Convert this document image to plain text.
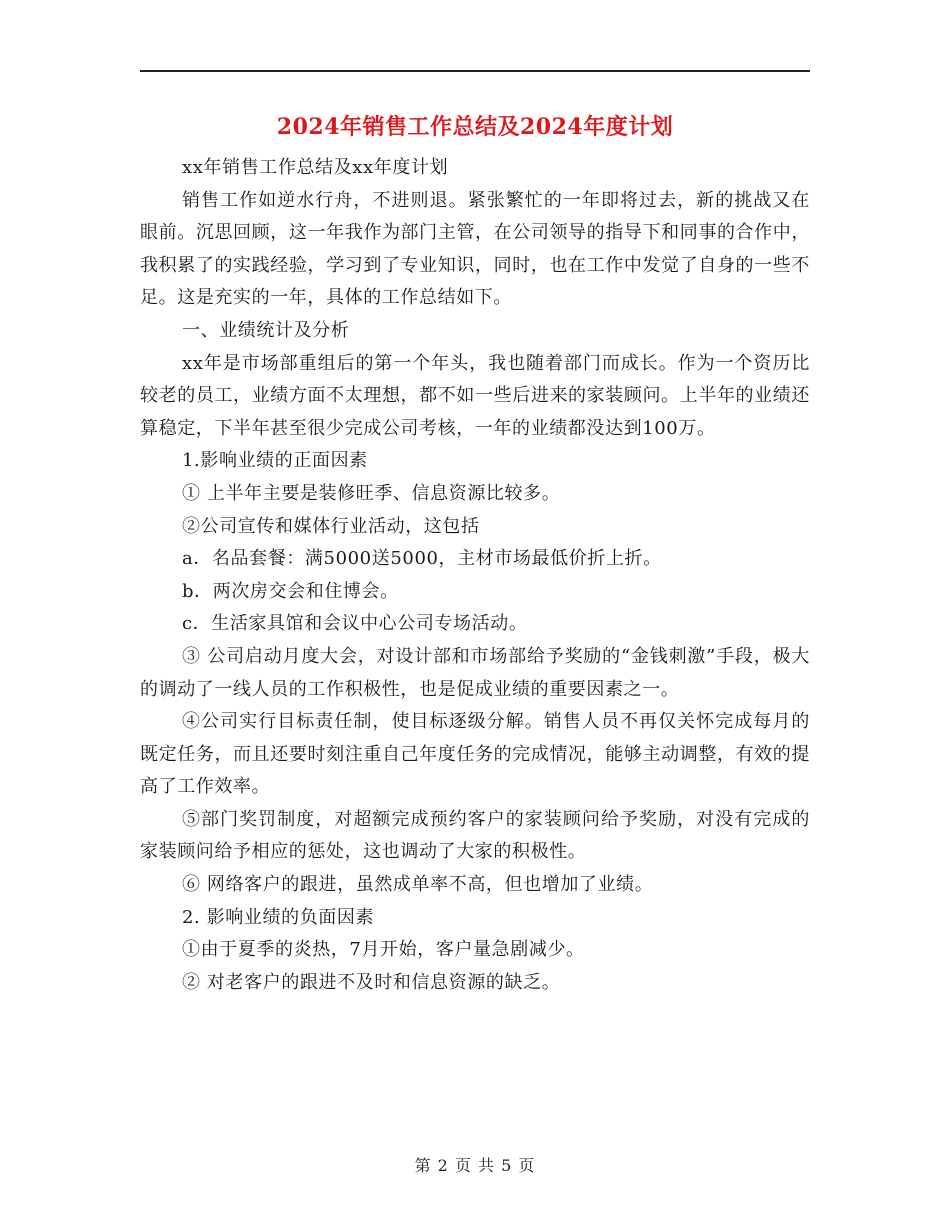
2024年销售工作总结及2024年度计划

xx年销售工作总结及xx年度计划

销售工作如逆水行舟，不进则退。紧张繁忙的一年即将过去，新的挑战又在眼前。沉思回顾，这一年我作为部门主管，在公司领导的指导下和同事的合作中，我积累了的实践经验，学习到了专业知识，同时，也在工作中发觉了自身的一些不足。这是充实的一年，具体的工作总结如下。

一、业绩统计及分析

xx年是市场部重组后的第一个年头，我也随着部门而成长。作为一个资历比较老的员工，业绩方面不太理想，都不如一些后进来的家装顾问。上半年的业绩还算稳定，下半年甚至很少完成公司考核，一年的业绩都没达到100万。

1.影响业绩的正面因素

① 上半年主要是装修旺季、信息资源比较多。

②公司宣传和媒体行业活动，这包括

a．名品套餐：满5000送5000，主材市场最低价折上折。

b．两次房交会和住博会。

c．生活家具馆和会议中心公司专场活动。

③ 公司启动月度大会，对设计部和市场部给予奖励的“金钱刺激”手段，极大的调动了一线人员的工作积极性，也是促成业绩的重要因素之一。

④公司实行目标责任制，使目标逐级分解。销售人员不再仅关怀完成每月的既定任务，而且还要时刻注重自己年度任务的完成情况，能够主动调整，有效的提高了工作效率。

⑤部门奖罚制度，对超额完成预约客户的家装顾问给予奖励，对没有完成的家装顾问给予相应的惩处，这也调动了大家的积极性。

⑥ 网络客户的跟进，虽然成单率不高，但也增加了业绩。

2. 影响业绩的负面因素

①由于夏季的炎热，7月开始，客户量急剧减少。

② 对老客户的跟进不及时和信息资源的缺乏。

第 2 页 共 5 页
